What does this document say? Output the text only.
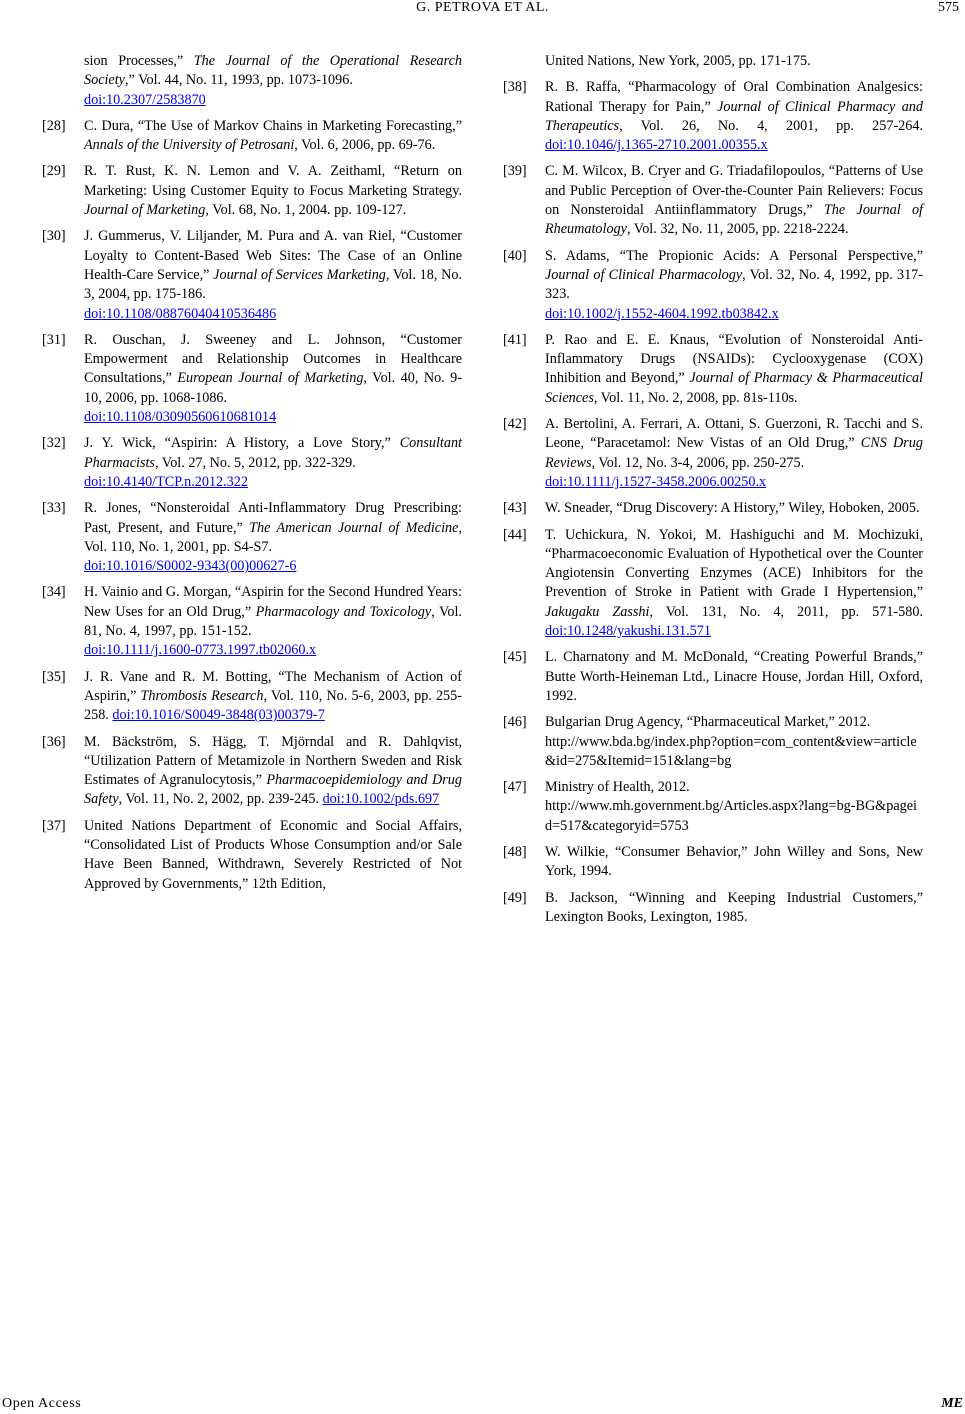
G. PETROVA ET AL.	575
sion Processes,” The Journal of the Operational Research Society,” Vol. 44, No. 11, 1993, pp. 1073-1096.
doi:10.2307/2583870
[28] C. Dura, “The Use of Markov Chains in Marketing Forecasting,” Annals of the University of Petrosani, Vol. 6, 2006, pp. 69-76.
[29] R. T. Rust, K. N. Lemon and V. A. Zeithaml, “Return on Marketing: Using Customer Equity to Focus Marketing Strategy. Journal of Marketing, Vol. 68, No. 1, 2004. pp. 109-127.
[30] J. Gummerus, V. Liljander, M. Pura and A. van Riel, “Customer Loyalty to Content-Based Web Sites: The Case of an Online Health-Care Service,” Journal of Services Marketing, Vol. 18, No. 3, 2004, pp. 175-186.
doi:10.1108/08876040410536486
[31] R. Ouschan, J. Sweeney and L. Johnson, “Customer Empowerment and Relationship Outcomes in Healthcare Consultations,” European Journal of Marketing, Vol. 40, No. 9-10, 2006, pp. 1068-1086.
doi:10.1108/03090560610681014
[32] J. Y. Wick, “Aspirin: A History, a Love Story,” Consultant Pharmacists, Vol. 27, No. 5, 2012, pp. 322-329.
doi:10.4140/TCP.n.2012.322
[33] R. Jones, “Nonsteroidal Anti-Inflammatory Drug Prescribing: Past, Present, and Future,” The American Journal of Medicine, Vol. 110, No. 1, 2001, pp. S4-S7.
doi:10.1016/S0002-9343(00)00627-6
[34] H. Vainio and G. Morgan, “Aspirin for the Second Hundred Years: New Uses for an Old Drug,” Pharmacology and Toxicology, Vol. 81, No. 4, 1997, pp. 151-152.
doi:10.1111/j.1600-0773.1997.tb02060.x
[35] J. R. Vane and R. M. Botting, “The Mechanism of Action of Aspirin,” Thrombosis Research, Vol. 110, No. 5-6, 2003, pp. 255-258. doi:10.1016/S0049-3848(03)00379-7
[36] M. Bäckström, S. Hägg, T. Mjörndal and R. Dahlqvist, “Utilization Pattern of Metamizole in Northern Sweden and Risk Estimates of Agranulocytosis,” Pharmacoepidemiology and Drug Safety, Vol. 11, No. 2, 2002, pp. 239-245. doi:10.1002/pds.697
[37] United Nations Department of Economic and Social Affairs, “Consolidated List of Products Whose Consumption and/or Sale Have Been Banned, Withdrawn, Severely Restricted of Not Approved by Governments,” 12th Edition,
United Nations, New York, 2005, pp. 171-175.
[38] R. B. Raffa, “Pharmacology of Oral Combination Analgesics: Rational Therapy for Pain,” Journal of Clinical Pharmacy and Therapeutics, Vol. 26, No. 4, 2001, pp. 257-264. doi:10.1046/j.1365-2710.2001.00355.x
[39] C. M. Wilcox, B. Cryer and G. Triadafilopoulos, “Patterns of Use and Public Perception of Over-the-Counter Pain Relievers: Focus on Nonsteroidal Antiinflammatory Drugs,” The Journal of Rheumatology, Vol. 32, No. 11, 2005, pp. 2218-2224.
[40] S. Adams, “The Propionic Acids: A Personal Perspective,” Journal of Clinical Pharmacology, Vol. 32, No. 4, 1992, pp. 317-323.
doi:10.1002/j.1552-4604.1992.tb03842.x
[41] P. Rao and E. E. Knaus, “Evolution of Nonsteroidal Anti-Inflammatory Drugs (NSAIDs): Cyclooxygenase (COX) Inhibition and Beyond,” Journal of Pharmacy & Pharmaceutical Sciences, Vol. 11, No. 2, 2008, pp. 81s-110s.
[42] A. Bertolini, A. Ferrari, A. Ottani, S. Guerzoni, R. Tacchi and S. Leone, “Paracetamol: New Vistas of an Old Drug,” CNS Drug Reviews, Vol. 12, No. 3-4, 2006, pp. 250-275.
doi:10.1111/j.1527-3458.2006.00250.x
[43] W. Sneader, “Drug Discovery: A History,” Wiley, Hoboken, 2005.
[44] T. Uchickura, N. Yokoi, M. Hashiguchi and M. Mochizuki, “Pharmacoeconomic Evaluation of Hypothetical over the Counter Angiotensin Converting Enzymes (ACE) Inhibitors for the Prevention of Stroke in Patient with Grade I Hypertension,” Jakugaku Zasshi, Vol. 131, No. 4, 2011, pp. 571-580. doi:10.1248/yakushi.131.571
[45] L. Charnatony and M. McDonald, “Creating Powerful Brands,” Butte Worth-Heineman Ltd., Linacre House, Jordan Hill, Oxford, 1992.
[46] Bulgarian Drug Agency, “Pharmaceutical Market,” 2012.
http://www.bda.bg/index.php?option=com_content&view=article&id=275&Itemid=151&lang=bg
[47] Ministry of Health, 2012.
http://www.mh.government.bg/Articles.aspx?lang=bg-BG&pageid=517&categoryid=5753
[48] W. Wilkie, “Consumer Behavior,” John Willey and Sons, New York, 1994.
[49] B. Jackson, “Winning and Keeping Industrial Customers,” Lexington Books, Lexington, 1985.
Open Access	ME
